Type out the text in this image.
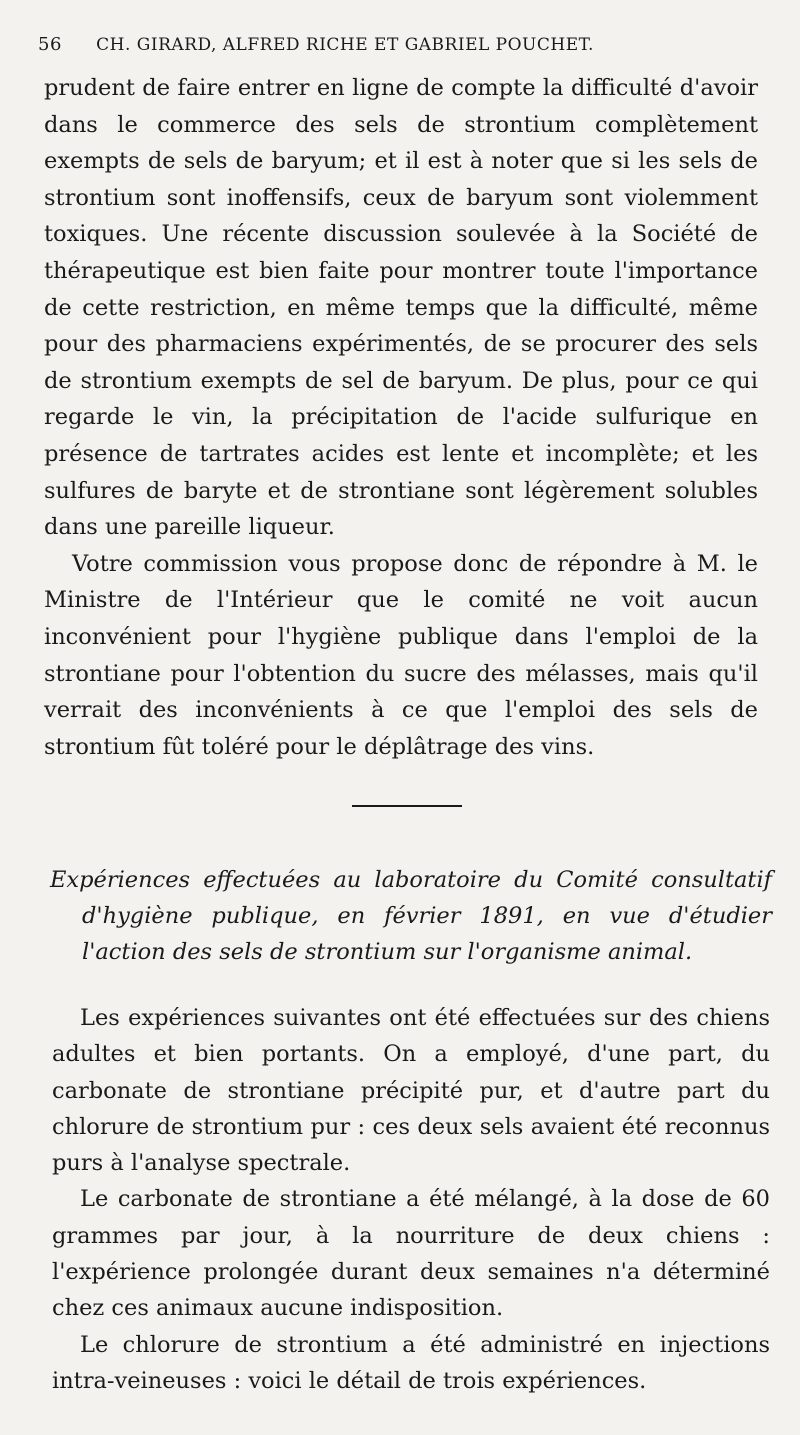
56 CH. GIRARD, ALFRED RICHE ET GABRIEL POUCHET.

prudent de faire entrer en ligne de compte la difficulté d'avoir dans le commerce des sels de strontium complètement exempts de sels de baryum; et il est à noter que si les sels de strontium sont inoffensifs, ceux de baryum sont violemment toxiques. Une récente discussion soulevée à la Société de thérapeutique est bien faite pour montrer toute l'importance de cette restriction, en même temps que la difficulté, même pour des pharmaciens expérimentés, de se procurer des sels de strontium exempts de sel de baryum. De plus, pour ce qui regarde le vin, la précipitation de l'acide sulfurique en présence de tartrates acides est lente et incomplète; et les sulfures de baryte et de strontiane sont légèrement solubles dans une pareille liqueur.

Votre commission vous propose donc de répondre à M. le Ministre de l'Intérieur que le comité ne voit aucun inconvénient pour l'hygiène publique dans l'emploi de la strontiane pour l'obtention du sucre des mélasses, mais qu'il verrait des inconvénients à ce que l'emploi des sels de strontium fût toléré pour le déplâtrage des vins.

Expériences effectuées au laboratoire du Comité consultatif d'hygiène publique, en février 1891, en vue d'étudier l'action des sels de strontium sur l'organisme animal.

Les expériences suivantes ont été effectuées sur des chiens adultes et bien portants. On a employé, d'une part, du carbonate de strontiane précipité pur, et d'autre part du chlorure de strontium pur : ces deux sels avaient été reconnus purs à l'analyse spectrale.

Le carbonate de strontiane a été mélangé, à la dose de 60 grammes par jour, à la nourriture de deux chiens : l'expérience prolongée durant deux semaines n'a déterminé chez ces animaux aucune indisposition.

Le chlorure de strontium a été administré en injections intra-veineuses : voici le détail de trois expériences.
